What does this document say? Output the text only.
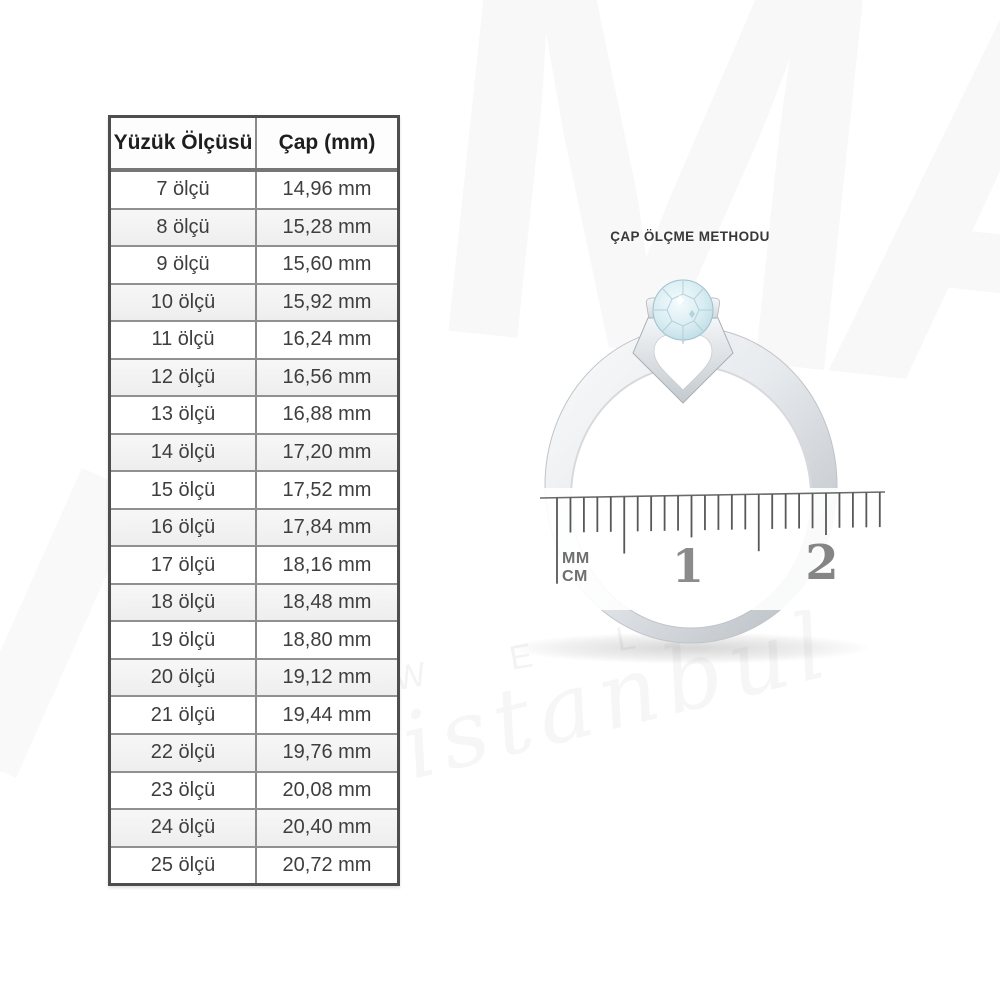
W
Yüzük Ölçüsü	Çap (mm)
7 ölçü	14,96 mm
8 ölçü	15,28 mm
9 ölçü	15,60 mm
10 ölçü	15,92 mm
11 ölçü	16,24 mm
12 ölçü	16,56 mm
13 ölçü	16,88 mm
14 ölçü	17,20 mm
15 ölçü	17,52 mm
16 ölçü	17,84 mm
17 ölçü	18,16 mm
18 ölçü	18,48 mm
19 ölçü	18,80 mm
20 ölçü	19,12 mm
21 ölçü	19,44 mm
22 ölçü	19,76 mm
23 ölçü	20,08 mm
24 ölçü	20,40 mm
25 ölçü	20,72 mm
ÇAP ÖLÇME METHODU
MM
CM 1 2
